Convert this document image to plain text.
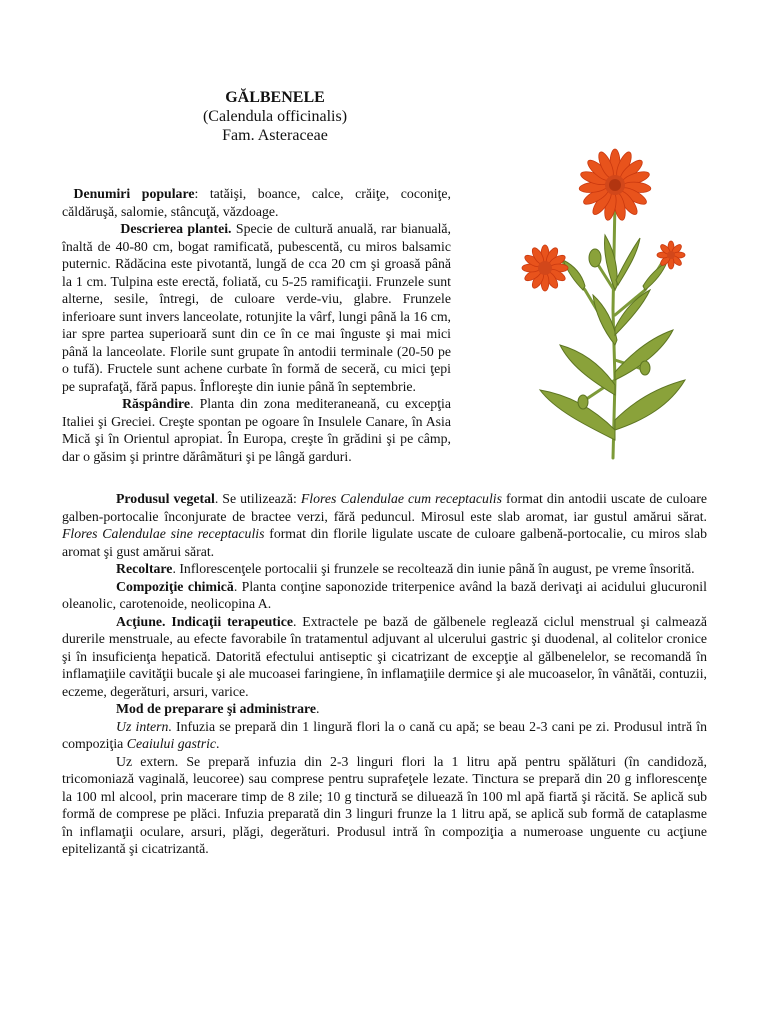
GĂLBENELE
(Calendula officinalis)
Fam. Asteraceae

Denumiri populare: tatăişi, boance, calce, crăiţe, coconiţe, căldăruşă, salomie, stâncuţă, văzdoage.

Descrierea plantei. Specie de cultură anuală, rar bianuală, înaltă de 40-80 cm, bogat ramificată, pubescentă, cu miros balsamic puternic. Rădăcina este pivotantă, lungă de cca 20 cm şi groasă până la 1 cm. Tulpina este erectă, foliată, cu 5-25 ramificaţii. Frunzele sunt alterne, sesile, întregi, de culoare verde-viu, glabre. Frunzele inferioare sunt invers lanceolate, rotunjite la vârf, lungi până la 16 cm, iar spre partea superioară sunt din ce în ce mai înguste şi mai mici până la lanceolate. Florile sunt grupate în antodii terminale (20-50 pe o tufă). Fructele sunt achene curbate în formă de seceră, cu mici ţepi pe suprafaţă, fără papus. Înfloreşte din iunie până în septembrie.

Răspândire. Planta din zona mediteraneană, cu excepţia Italiei şi Greciei. Creşte spontan pe ogoare în Insulele Canare, în Asia Mică şi în Orientul apropiat. În Europa, creşte în grădini şi pe câmp, dar o găsim şi printre dărâmături şi pe lângă garduri.

Produsul vegetal. Se utilizează: Flores Calendulae cum receptaculis format din antodii uscate de culoare galben-portocalie înconjurate de bractee verzi, fără peduncul. Mirosul este slab aromat, iar gustul amărui sărat. Flores Calendulae sine receptaculis format din florile ligulate uscate de culoare galbenă-portocalie, cu miros slab aromat şi gust amărui sărat.

Recoltare. Inflorescenţele portocalii şi frunzele se recoltează din iunie până în august, pe vreme însorită.

Compoziţie chimică. Planta conţine saponozide triterpenice având la bază derivaţi ai acidului glucuronil oleanolic, carotenoide, neolicopina A.

Acţiune. Indicaţii terapeutice. Extractele pe bază de gălbenele reglează ciclul menstrual şi calmează durerile menstruale, au efecte favorabile în tratamentul adjuvant al ulcerului gastric şi duodenal, al colitelor cronice şi în insuficienţa hepatică. Datorită efectului antiseptic şi cicatrizant de excepţie al gălbenelelor, se recomandă în inflamaţiile cavităţii bucale şi ale mucoasei faringiene, în inflamaţiile dermice şi ale mucoaselor, în vânătăi, contuzii, eczeme, degerături, arsuri, varice.

Mod de preparare şi administrare.

Uz intern. Infuzia se prepară din 1 lingură flori la o cană cu apă; se beau 2-3 cani pe zi. Produsul intră în compoziţia Ceaiului gastric.

Uz extern. Se prepară infuzia din 2-3 linguri flori la 1 litru apă pentru spălături (în candidoză, tricomoniază vaginală, leucoree) sau comprese pentru suprafeţele lezate. Tinctura se prepară din 20 g inflorescenţe la 100 ml alcool, prin macerare timp de 8 zile; 10 g tinctură se diluează în 100 ml apă fiartă şi răcită. Se aplică sub formă de comprese pe plăci. Infuzia preparată din 3 linguri frunze la 1 litru apă, se aplică sub formă de cataplasme în inflamaţii oculare, arsuri, plăgi, degerături. Produsul intră în compoziţia a numeroase unguente cu acţiune epitelizantă şi cicatrizantă.
